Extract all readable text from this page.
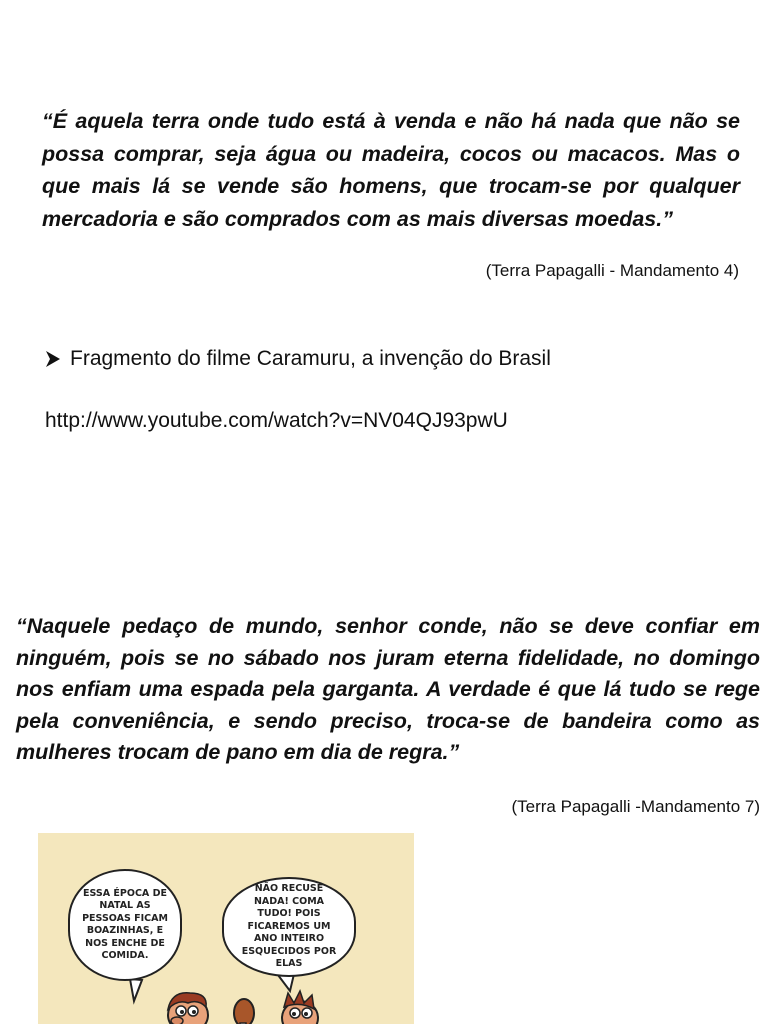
“É aquela terra onde tudo está à venda e não há nada que não se possa comprar, seja água ou madeira, cocos ou macacos. Mas o que mais lá se vende são homens, que trocam-se por qualquer mercadoria e são comprados com as mais diversas moedas.”

(Terra Papagalli - Mandamento 4)

Fragmento do filme Caramuru, a invenção do Brasil
http://www.youtube.com/watch?v=NV04QJ93pwU

“Naquele pedaço de mundo, senhor conde, não se deve confiar em ninguém, pois se no sábado nos juram eterna fidelidade, no domingo nos enfiam uma espada pela garganta. A verdade é que lá tudo se rege pela conveniência, e sendo preciso, troca-se de bandeira como as mulheres trocam de pano em dia de regra.”

(Terra Papagalli -Mandamento 7)

ESSA ÉPOCA DE NATAL AS PESSOAS FICAM BOAZINHAS, E NOS ENCHE DE COMIDA.
NÃO RECUSE NADA! COMA TUDO! POIS FICAREMOS UM ANO INTEIRO ESQUECIDOS POR ELAS
